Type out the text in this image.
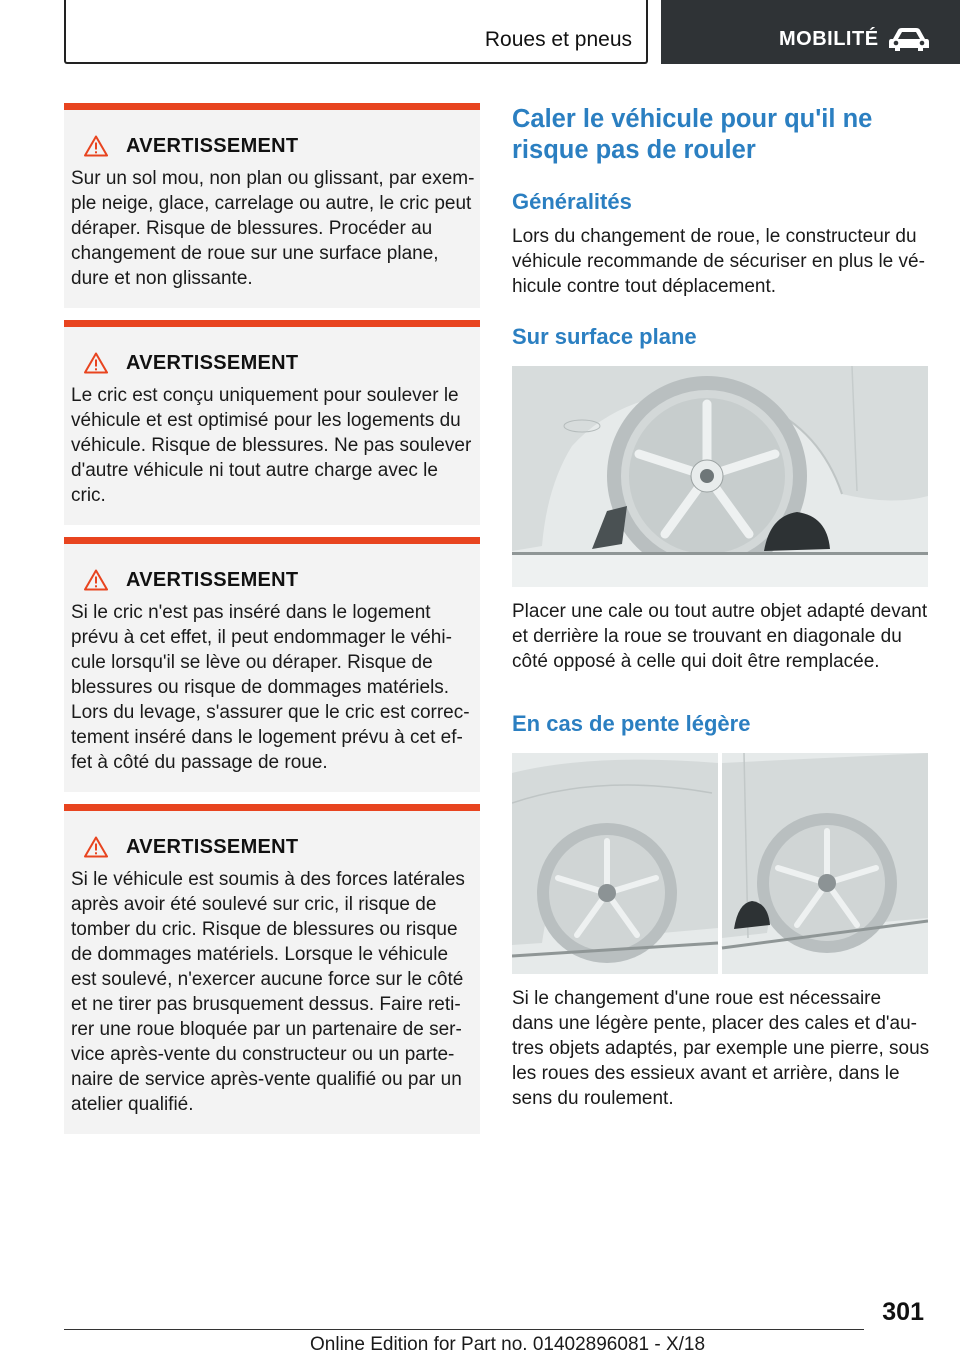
Roues et pneus	MOBILITÉ
AVERTISSEMENT
Sur un sol mou, non plan ou glissant, par exem‐
ple neige, glace, carrelage ou autre, le cric peut
déraper. Risque de blessures. Procéder au
changement de roue sur une surface plane,
dure et non glissante.
AVERTISSEMENT
Le cric est conçu uniquement pour soulever le
véhicule et est optimisé pour les logements du
véhicule. Risque de blessures. Ne pas soulever
d'autre véhicule ni tout autre charge avec le
cric.
AVERTISSEMENT
Si le cric n'est pas inséré dans le logement
prévu à cet effet, il peut endommager le véhi‐
cule lorsqu'il se lève ou déraper. Risque de
blessures ou risque de dommages matériels.
Lors du levage, s'assurer que le cric est correc‐
tement inséré dans le logement prévu à cet ef‐
fet à côté du passage de roue.
AVERTISSEMENT
Si le véhicule est soumis à des forces latérales
après avoir été soulevé sur cric, il risque de
tomber du cric. Risque de blessures ou risque
de dommages matériels. Lorsque le véhicule
est soulevé, n'exercer aucune force sur le côté
et ne tirer pas brusquement dessus. Faire reti‐
rer une roue bloquée par un partenaire de ser‐
vice après-vente du constructeur ou un parte‐
naire de service après-vente qualifié ou par un
atelier qualifié.
Caler le véhicule pour qu'il ne
risque pas de rouler
Généralités
Lors du changement de roue, le constructeur du
véhicule recommande de sécuriser en plus le vé‐
hicule contre tout déplacement.
Sur surface plane
Placer une cale ou tout autre objet adapté devant
et derrière la roue se trouvant en diagonale du
côté opposé à celle qui doit être remplacée.
En cas de pente légère
Si le changement d'une roue est nécessaire
dans une légère pente, placer des cales et d'au‐
tres objets adaptés, par exemple une pierre, sous
les roues des essieux avant et arrière, dans le
sens du roulement.
301
Online Edition for Part no. 01402896081 - X/18
